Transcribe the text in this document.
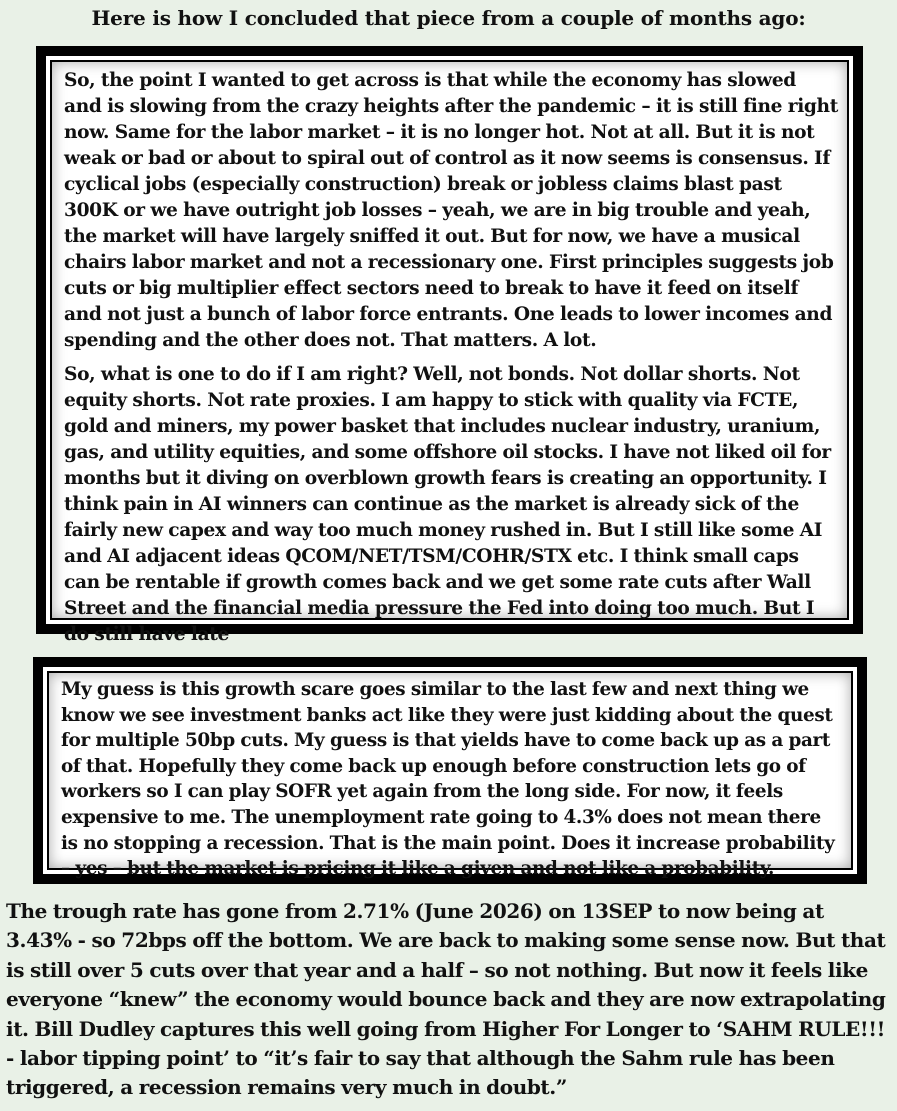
Here is how I concluded that piece from a couple of months ago:

So, the point I wanted to get across is that while the economy has slowed and is slowing from the crazy heights after the pandemic – it is still fine right now. Same for the labor market – it is no longer hot. Not at all. But it is not weak or bad or about to spiral out of control as it now seems is consensus. If cyclical jobs (especially construction) break or jobless claims blast past 300K or we have outright job losses – yeah, we are in big trouble and yeah, the market will have largely sniffed it out. But for now, we have a musical chairs labor market and not a recessionary one. First principles suggests job cuts or big multiplier effect sectors need to break to have it feed on itself and not just a bunch of labor force entrants. One leads to lower incomes and spending and the other does not. That matters. A lot.

So, what is one to do if I am right? Well, not bonds. Not dollar shorts. Not equity shorts. Not rate proxies. I am happy to stick with quality via FCTE, gold and miners, my power basket that includes nuclear industry, uranium, gas, and utility equities, and some offshore oil stocks. I have not liked oil for months but it diving on overblown growth fears is creating an opportunity. I think pain in AI winners can continue as the market is already sick of the fairly new capex and way too much money rushed in. But I still like some AI and AI adjacent ideas QCOM/NET/TSM/COHR/STX etc. I think small caps can be rentable if growth comes back and we get some rate cuts after Wall Street and the financial media pressure the Fed into doing too much. But I do still have late

My guess is this growth scare goes similar to the last few and next thing we know we see investment banks act like they were just kidding about the quest for multiple 50bp cuts. My guess is that yields have to come back up as a part of that. Hopefully they come back up enough before construction lets go of workers so I can play SOFR yet again from the long side. For now, it feels expensive to me. The unemployment rate going to 4.3% does not mean there is no stopping a recession. That is the main point. Does it increase probability – yes – but the market is pricing it like a given and not like a probability.

The trough rate has gone from 2.71% (June 2026) on 13SEP to now being at 3.43% - so 72bps off the bottom. We are back to making some sense now. But that is still over 5 cuts over that year and a half – so not nothing. But now it feels like everyone “knew” the economy would bounce back and they are now extrapolating it. Bill Dudley captures this well going from Higher For Longer to ‘SAHM RULE!!! - labor tipping point’ to “it’s fair to say that although the Sahm rule has been triggered, a recession remains very much in doubt.”
